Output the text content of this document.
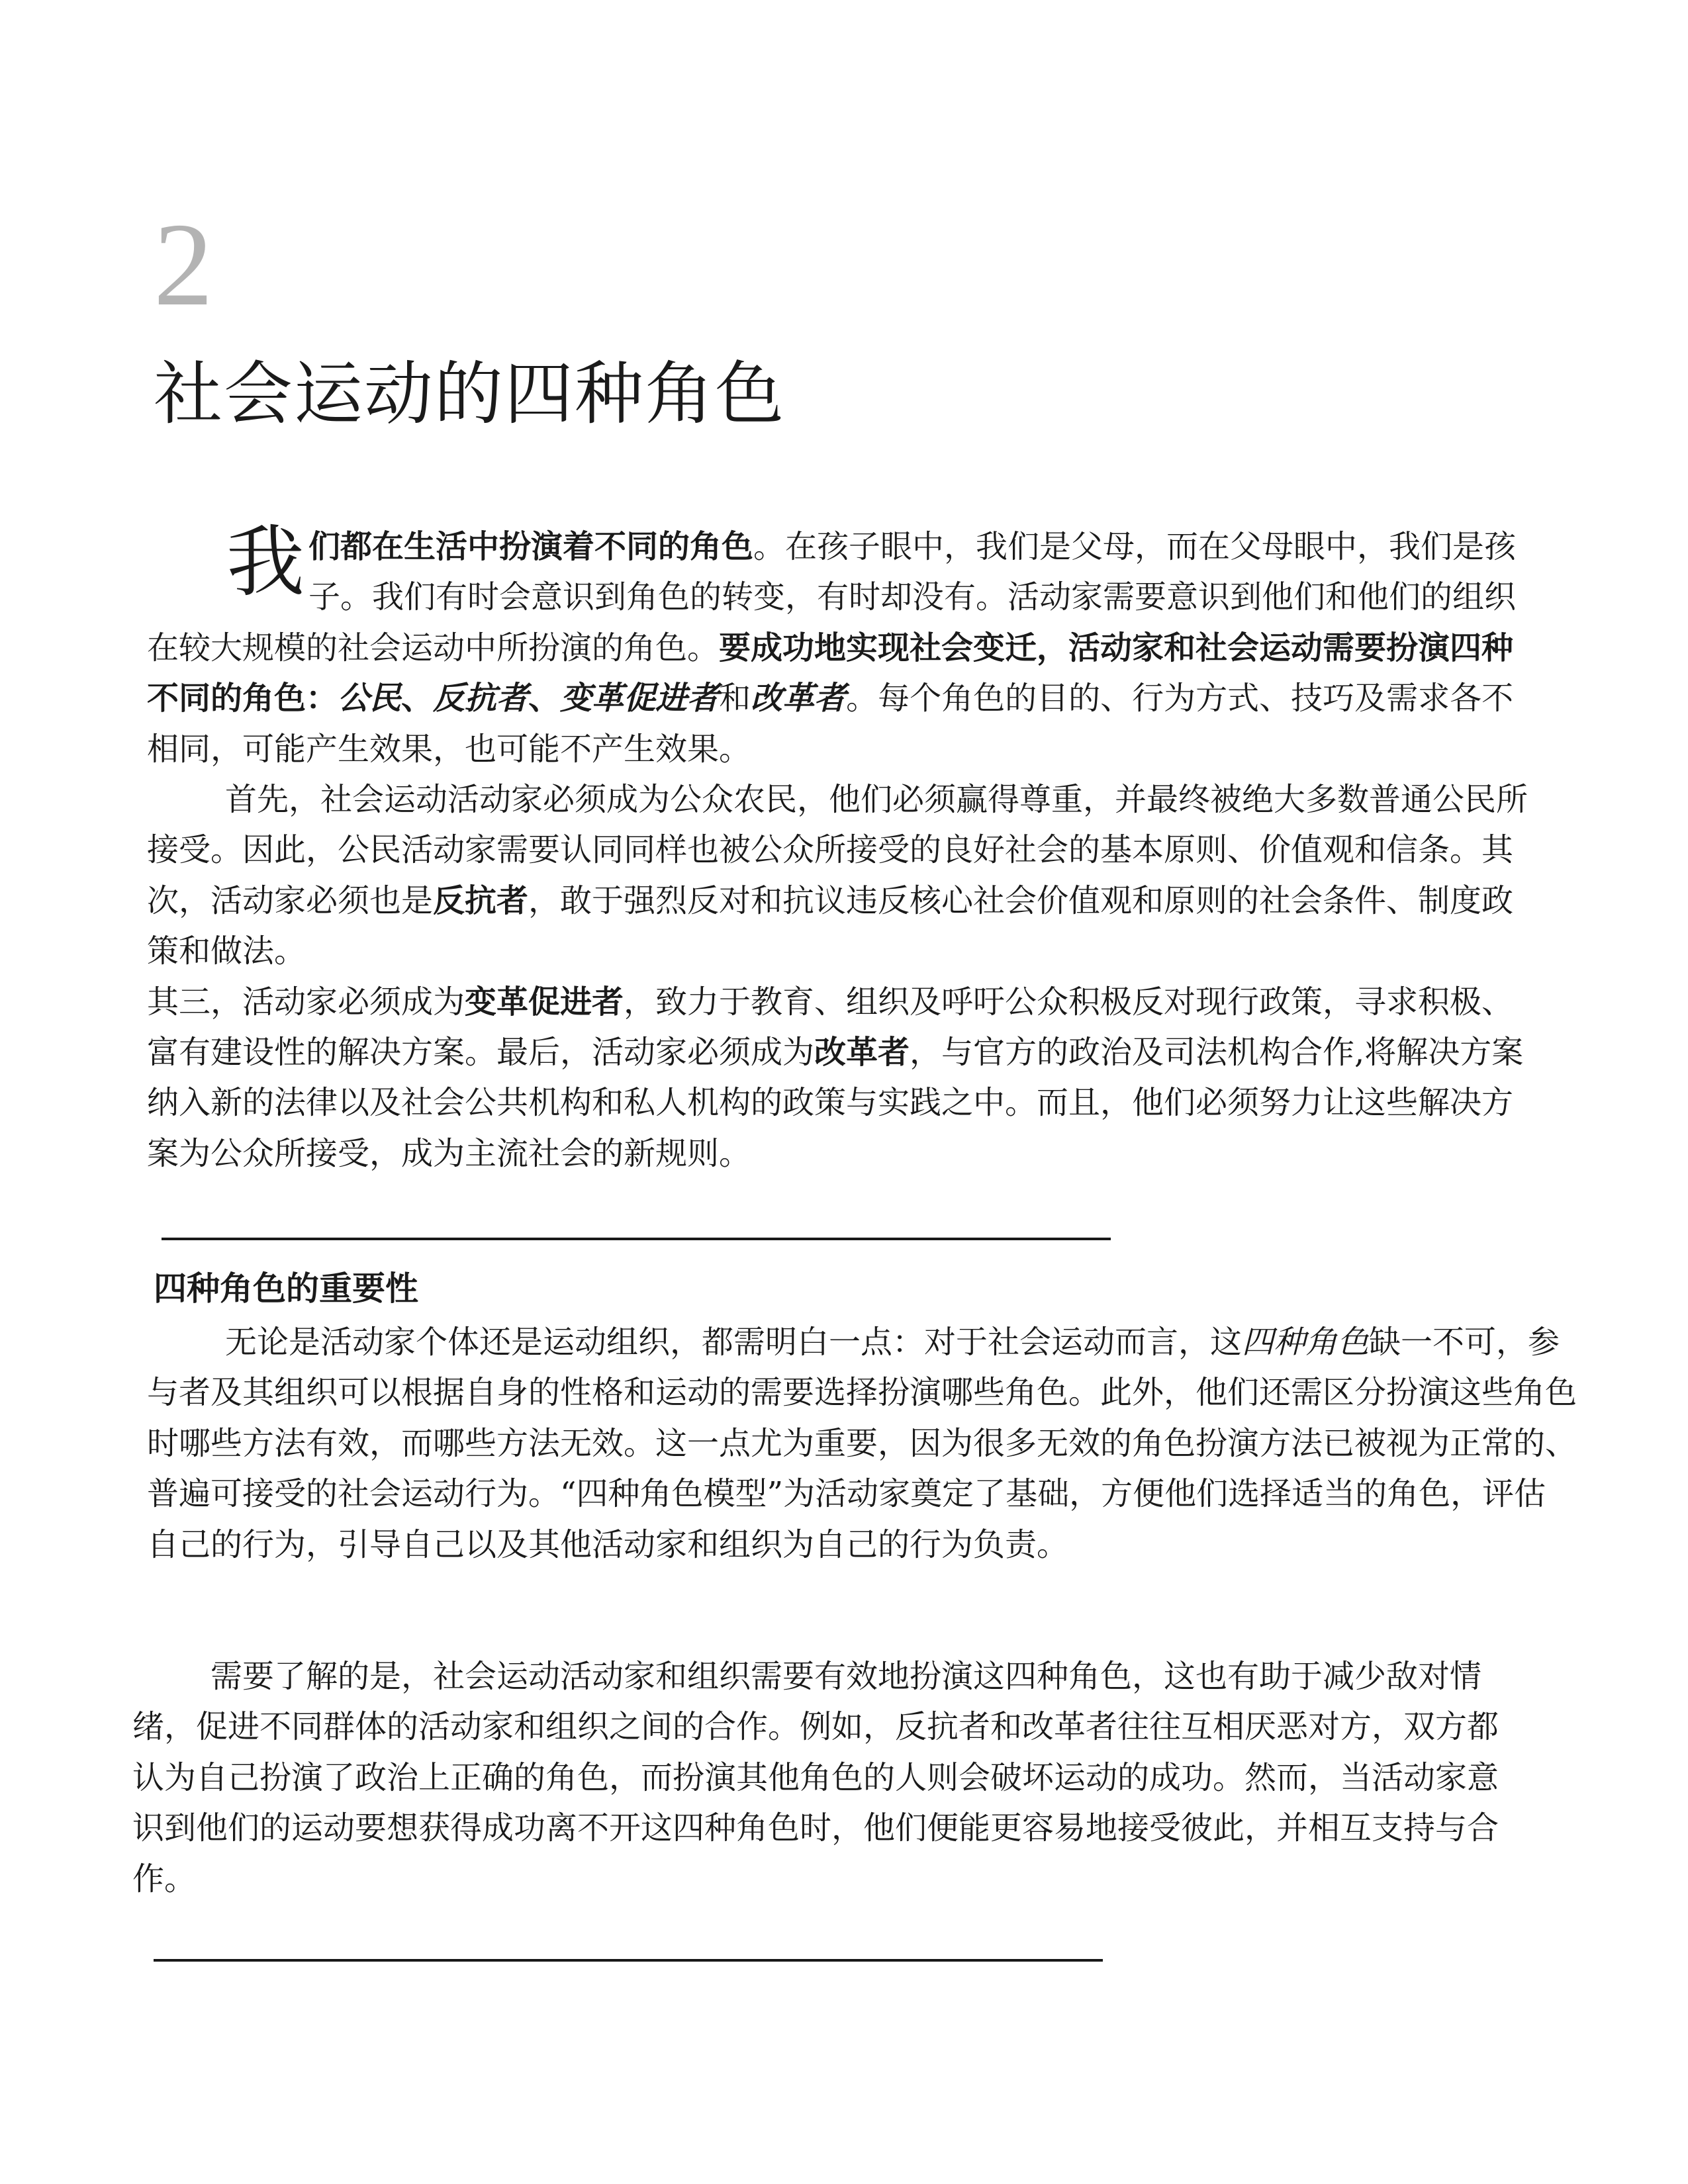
2
社会运动的四种角色

我们都在生活中扮演着不同的角色。在孩子眼中，我们是父母，而在父母眼中，我们是孩子。我们有时会意识到角色的转变，有时却没有。活动家需要意识到他们和他们的组织在较大规模的社会运动中所扮演的角色。要成功地实现社会变迁，活动家和社会运动需要扮演四种不同的角色：公民、反抗者、变革促进者和改革者。每个角色的目的、行为方式、技巧及需求各不相同，可能产生效果，也可能不产生效果。

首先，社会运动活动家必须成为公众农民，他们必须赢得尊重，并最终被绝大多数普通公民所接受。因此，公民活动家需要认同同样也被公众所接受的良好社会的基本原则、价值观和信条。其次，活动家必须也是反抗者，敢于强烈反对和抗议违反核心社会价值观和原则的社会条件、制度政策和做法。

其三，活动家必须成为变革促进者，致力于教育、组织及呼吁公众积极反对现行政策，寻求积极、富有建设性的解决方案。最后，活动家必须成为改革者，与官方的政治及司法机构合作,将解决方案纳入新的法律以及社会公共机构和私人机构的政策与实践之中。而且，他们必须努力让这些解决方案为公众所接受，成为主流社会的新规则。

四种角色的重要性

无论是活动家个体还是运动组织，都需明白一点：对于社会运动而言，这四种角色缺一不可，参与者及其组织可以根据自身的性格和运动的需要选择扮演哪些角色。此外，他们还需区分扮演这些角色时哪些方法有效，而哪些方法无效。这一点尤为重要，因为很多无效的角色扮演方法已被视为正常的、普遍可接受的社会运动行为。“四种角色模型”为活动家奠定了基础，方便他们选择适当的角色，评估自己的行为，引导自己以及其他活动家和组织为自己的行为负责。

需要了解的是，社会运动活动家和组织需要有效地扮演这四种角色，这也有助于减少敌对情绪，促进不同群体的活动家和组织之间的合作。例如，反抗者和改革者往往互相厌恶对方，双方都认为自己扮演了政治上正确的角色，而扮演其他角色的人则会破坏运动的成功。然而，当活动家意识到他们的运动要想获得成功离不开这四种角色时，他们便能更容易地接受彼此，并相互支持与合作。
